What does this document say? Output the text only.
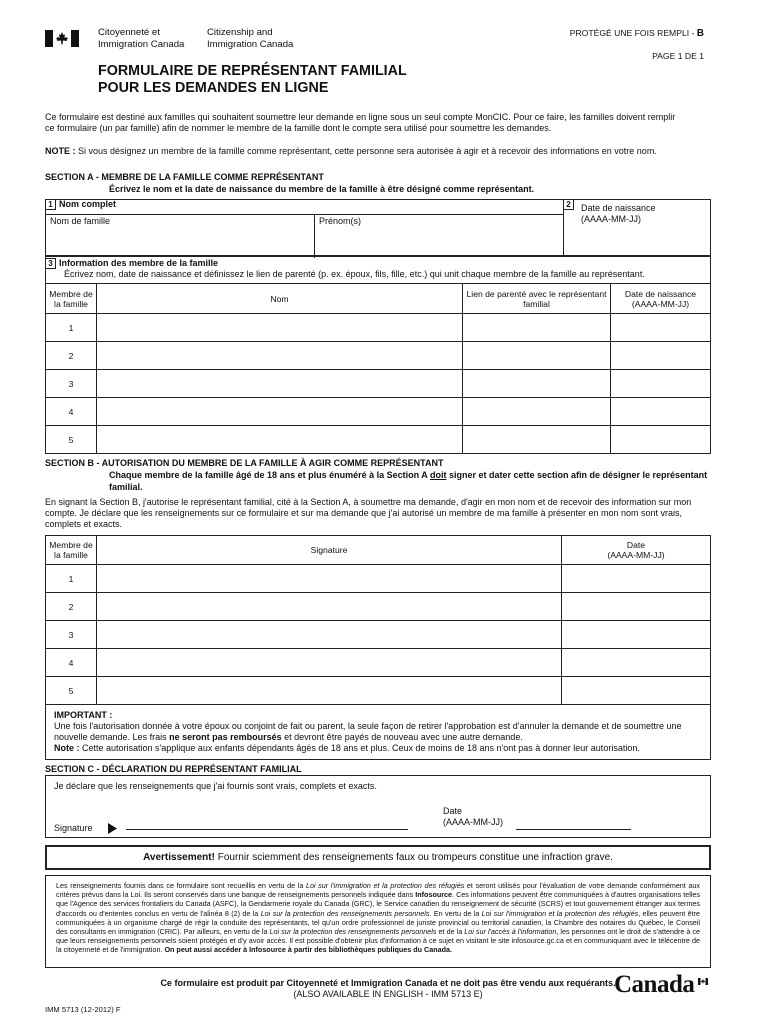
Citoyenneté et
Immigration Canada
Citizenship and
Immigration Canada
PROTÉGÉ UNE FOIS REMPLI - B
PAGE 1 DE 1
FORMULAIRE DE REPRÉSENTANT FAMILIAL
POUR LES DEMANDES EN LIGNE
Ce formulaire est destiné aux familles qui souhaitent soumettre leur demande en ligne sous un seul compte MonCIC. Pour ce faire, les familles doivent remplir ce formulaire (un par famille) afin de nommer le membre de la famille dont le compte sera utilisé pour soumettre les demandes.
NOTE : Si vous désignez un membre de la famille comme représentant, cette personne sera autorisée à agir et à recevoir des informations en votre nom.
SECTION A - MEMBRE DE LA FAMILLE COMME REPRÉSENTANT
Écrivez le nom et la date de naissance du membre de la famille à être désigné comme représentant.
1 Nom complet
Nom de famille	Prénom(s)
2	Date de naissance
(AAAA-MM-JJ)
3 Information des membre de la famille
Écrivez nom, date de naissance et définissez le lien de parenté (p. ex. époux, fils, fille, etc.) qui unit chaque membre de la famille au représentant.
Membre de la famille	Nom	Lien de parenté avec le représentant familial	Date de naissance
(AAAA-MM-JJ)

1			
2			
3			
4			
5			
SECTION B - AUTORISATION DU MEMBRE DE LA FAMILLE À AGIR COMME REPRÉSENTANT
Chaque membre de la famille âgé de 18 ans et plus énuméré à la Section A doit signer et dater cette section afin de désigner le représentant familial.
En signant la Section B, j'autorise le représentant familial, cité à la Section A, à soumettre ma demande, d'agir en mon nom et de recevoir des information sur mon compte. Je déclare que les renseignements sur ce formulaire et sur ma demande que j'ai autorisé un membre de ma famille à présenter en mon nom sont vrais, complets et exacts.
Membre de la famille	Signature	Date
(AAAA-MM-JJ)

1		
2		
3		
4		
5		
IMPORTANT :
Une fois l'autorisation donnée à votre époux ou conjoint de fait ou parent, la seule façon de retirer l'approbation est d'annuler la demande et de soumettre une nouvelle demande. Les frais ne seront pas remboursés et devront être payés de nouveau avec une autre demande.
Note : Cette autorisation s'applique aux enfants dépendants âgés de 18 ans et plus. Ceux de moins de 18 ans n'ont pas à donner leur autorisation.
SECTION C - DÉCLARATION DU REPRÉSENTANT FAMILIAL
Je déclare que les renseignements que j'ai fournis sont vrais, complets et exacts.
Signature
Date
(AAAA-MM-JJ)
Avertissement! Fournir sciemment des renseignements faux ou trompeurs constitue une infraction grave.
Les renseignements fournis dans ce formulaire sont recueillis en vertu de la Loi sur l'immigration et la protection des réfugiés et seront utilisés pour l'évaluation de votre demande conformément aux critères prévus dans la Loi. Ils seront conservés dans une banque de renseignements personnels indiquée dans Infosource. Ces informations peuvent être communiquées à d'autres organisations telles que l'Agence des services frontaliers du Canada (ASFC), la Gendarmerie royale du Canada (GRC), le Service canadien du renseignement de sécurité (SCRS) et tout gouvernement étranger aux termes d'accords ou d'ententes conclus en vertu de l'alinéa 8 (2) de la Loi sur la protection des renseignements personnels. En vertu de la Loi sur l'immigration et la protection des réfugiés, elles peuvent être communiquées à un organisme chargé de régir la conduite des représentants, tel qu'un ordre professionnel de juriste provincial ou territorial canadien, la Chambre des notaires du Québec, le Conseil des consultants en immigration (CRIC). Par ailleurs, en vertu de la Loi sur la protection des renseignements personnels et de la Loi sur l'accès à l'information, les personnes ont le droit de s'attendre à ce que leurs renseignements personnels soient protégés et d'y avoir accès. Il est possible d'obtenir plus d'information à ce sujet en visitant le site infosource.gc.ca et en communiquant avec le télécentre de la citoyenneté et de l'immigration. On peut aussi accéder à Infosource à partir des bibliothèques publiques du Canada.
IMM 5713 (12-2012) F
Ce formulaire est produit par Citoyenneté et Immigration Canada et ne doit pas être vendu aux requérants.
(ALSO AVAILABLE IN ENGLISH - IMM 5713 E)	Canada
